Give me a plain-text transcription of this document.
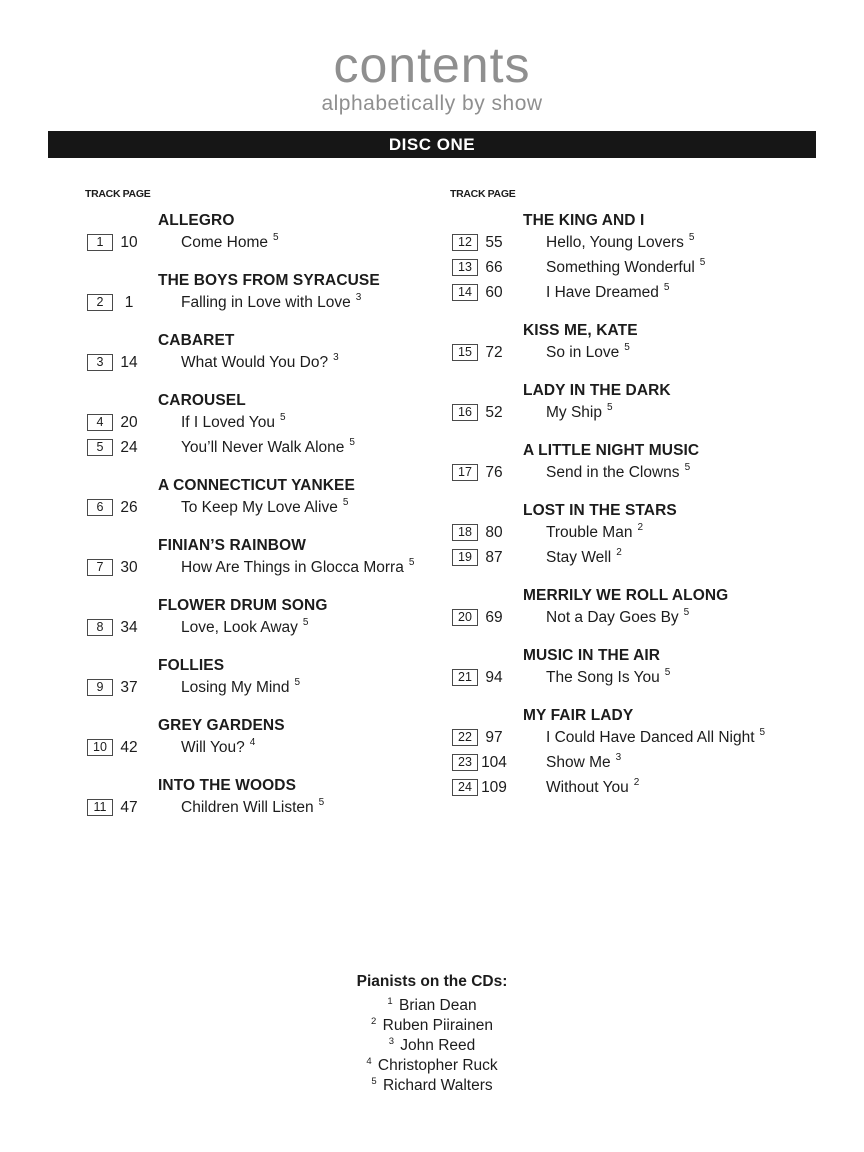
contents
alphabetically by show
DISC ONE
TRACK PAGE
ALLEGRO
1	10	Come Home $^5$
THE BOYS FROM SYRACUSE
2	1	Falling in Love with Love $^3$
CABARET
3	14	What Would You Do? $^3$
CAROUSEL
4	20	If I Loved You $^5$
5	24	You’ll Never Walk Alone $^5$
A CONNECTICUT YANKEE
6	26	To Keep My Love Alive $^5$
FINIAN’S RAINBOW
7	30	How Are Things in Glocca Morra $^5$
FLOWER DRUM SONG
8	34	Love, Look Away $^5$
FOLLIES
9	37	Losing My Mind $^5$
GREY GARDENS
10 42	Will You? $^4$
INTO THE WOODS
11 47	Children Will Listen $^5$
TRACK PAGE
THE KING AND I
12 55	Hello, Young Lovers $^5$
13 66	Something Wonderful $^5$
14 60	I Have Dreamed $^5$
KISS ME, KATE
15 72	So in Love $^5$
LADY IN THE DARK
16 52	My Ship $^5$
A LITTLE NIGHT MUSIC
17 76	Send in the Clowns $^5$
LOST IN THE STARS
18 80	Trouble Man $^2$
19 87	Stay Well $^2$
MERRILY WE ROLL ALONG
20 69	Not a Day Goes By $^5$
MUSIC IN THE AIR
21 94	The Song Is You $^5$
MY FAIR LADY
22 97	I Could Have Danced All Night $^5$
23 104	Show Me $^3$
24 109	Without You $^2$
Pianists on the CDs:
$^1$ Brian Dean
$^2$ Ruben Piirainen
$^3$ John Reed
$^4$ Christopher Ruck
$^5$ Richard Walters
